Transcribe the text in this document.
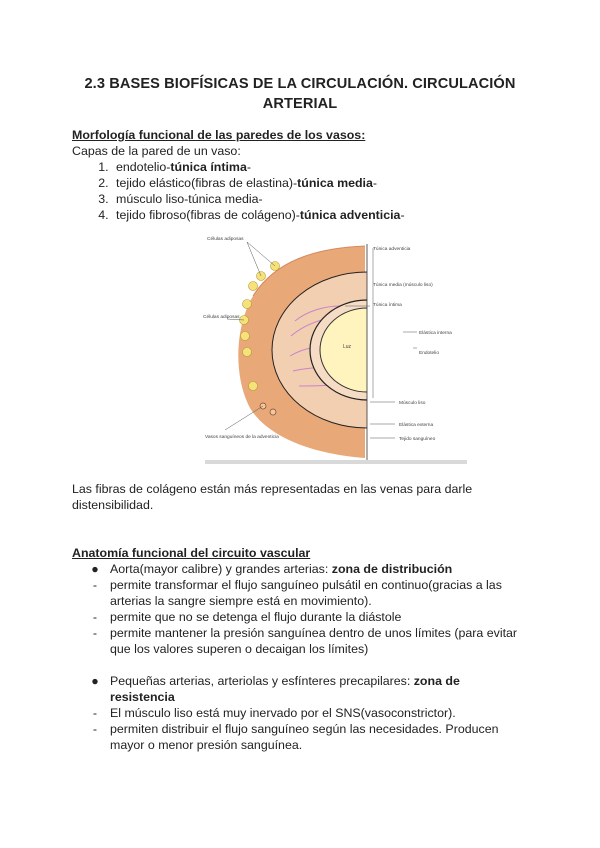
2.3 BASES BIOFÍSICAS DE LA CIRCULACIÓN. CIRCULACIÓN ARTERIAL
Morfología funcional de las paredes de los vasos:
Capas de la pared de un vaso:
1. endotelio-túnica íntima-
2. tejido elástico(fibras de elastina)-túnica media-
3. músculo liso-túnica media-
4. tejido fibroso(fibras de colágeno)-túnica adventicia-
Células adiposas
Células adiposas
Vasos sanguíneos de la adventicia
Túnica adventicia
Túnica media (músculo liso)
Túnica íntima
Elástica interna
Endotelio
Músculo liso
Elástica externa
Tejido sanguíneo
Luz
Las fibras de colágeno están más representadas en las venas para darle distensibilidad.
Anatomía funcional del circuito vascular
● Aorta(mayor calibre) y grandes arterias: zona de distribución
-	permite transformar el flujo sanguíneo pulsátil en continuo(gracias a las arterias la sangre siempre está en movimiento).
-	permite que no se detenga el flujo durante la diástole
-	permite mantener la presión sanguínea dentro de unos límites (para evitar que los valores superen o decaigan los límites)
● Pequeñas arterias, arteriolas y esfínteres precapilares: zona de resistencia
-	El músculo liso está muy inervado por el SNS(vasoconstrictor).
-	permiten distribuir el flujo sanguíneo según las necesidades. Producen mayor o menor presión sanguínea.
